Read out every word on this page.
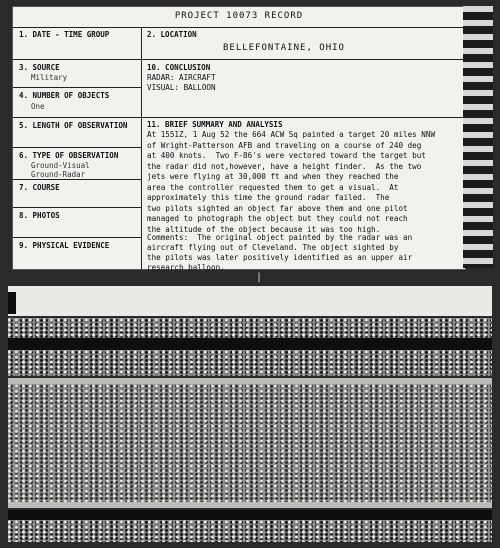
PROJECT 10073 RECORD
1. DATE - TIME GROUP
3. SOURCE
Military
4. NUMBER OF OBJECTS
One
5. LENGTH OF OBSERVATION
6. TYPE OF OBSERVATION
Ground-Visual
Ground-Radar
7. COURSE
8. PHOTOS
9. PHYSICAL EVIDENCE
2. LOCATION
BELLEFONTAINE, OHIO
10. CONCLUSION
RADAR: AIRCRAFT
VISUAL: BALLOON
11. BRIEF SUMMARY AND ANALYSIS
At 1551Z, 1 Aug 52 the 664 ACW Sq painted a target 20 miles NNW
of Wright-Patterson AFB and traveling on a course of 240 deg
at 400 knots.  Two F-86's were vectored toward the target but
the radar did not,however, have a height finder.  As the two
jets were flying at 30,000 ft and when they reached the
area the controller requested them to get a visual.  At
approximately this time the ground radar failed.  The
two pilots sighted an object far above them and one pilot
managed to photograph the object but they could not reach
the altitude of the object because it was too high.
Comments:  The original object painted by the radar was an
aircraft flying out of Cleveland. The object sighted by
the pilots was later positively identified as an upper air
research balloon.
|
